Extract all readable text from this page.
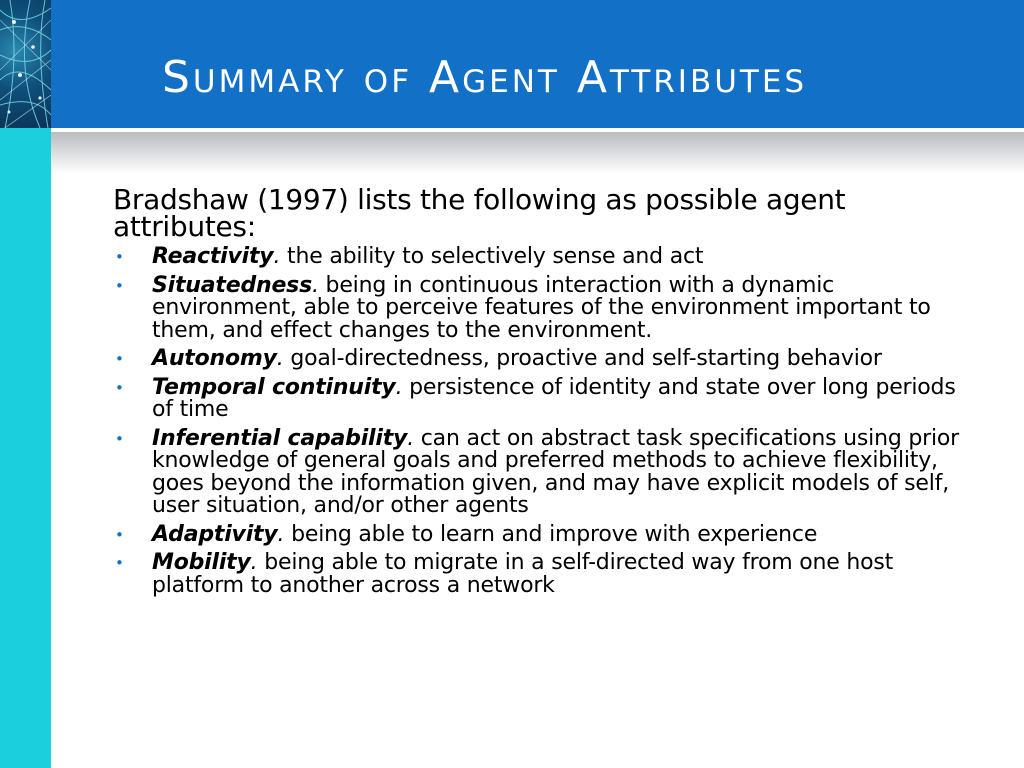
Summary of Agent Attributes

Bradshaw (1997) lists the following as possible agent attributes:

• Reactivity. the ability to selectively sense and act
• Situatedness. being in continuous interaction with a dynamic environment, able to perceive features of the environment important to them, and effect changes to the environment.
• Autonomy. goal-directedness, proactive and self-starting behavior
• Temporal continuity. persistence of identity and state over long periods of time
• Inferential capability. can act on abstract task specifications using prior knowledge of general goals and preferred methods to achieve flexibility, goes beyond the information given, and may have explicit models of self, user situation, and/or other agents
• Adaptivity. being able to learn and improve with experience
• Mobility. being able to migrate in a self-directed way from one host platform to another across a network
